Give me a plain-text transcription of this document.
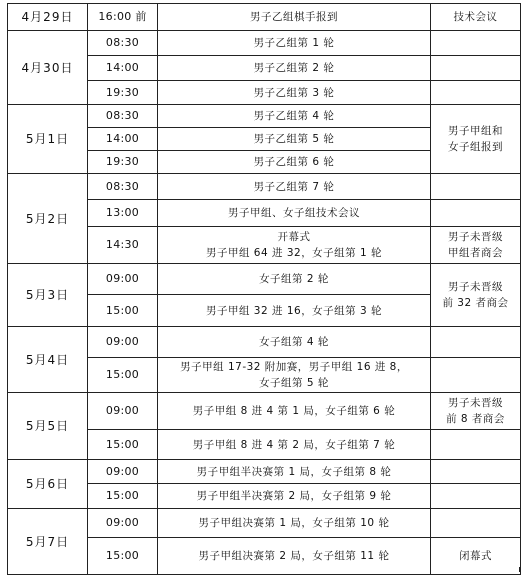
4月29日	16:00 前	男子乙组棋手报到	技术会议

4月30日	08:30	男子乙组第 1 轮	

	14:00	男子乙组第 2 轮	

	19:30	男子乙组第 3 轮	

5月1日	08:30	男子乙组第 4 轮	男子甲组和
女子组报到

	14:00	男子乙组第 5 轮	

	19:30	男子乙组第 6 轮	

5月2日	08:30	男子乙组第 7 轮	

	13:00	男子甲组、女子组技术会议	

	14:30	开幕式
男子甲组 64 进 32，女子组第 1 轮	男子未晋级
甲组者商会

5月3日	09:00	女子组第 2 轮	男子未晋级
前 32 者商会

	15:00	男子甲组 32 进 16，女子组第 3 轮	

5月4日	09:00	女子组第 4 轮	

	15:00	男子甲组 17-32 附加赛，男子甲组 16 进 8，
女子组第 5 轮	

5月5日	09:00	男子甲组 8 进 4 第 1 局，女子组第 6 轮	男子未晋级
前 8 者商会

	15:00	男子甲组 8 进 4 第 2 局，女子组第 7 轮	

5月6日	09:00	男子甲组半决赛第 1 局，女子组第 8 轮	

	15:00	男子甲组半决赛第 2 局，女子组第 9 轮	

5月7日	09:00	男子甲组决赛第 1 局，女子组第 10 轮	

	15:00	男子甲组决赛第 2 局，女子组第 11 轮	闭幕式
